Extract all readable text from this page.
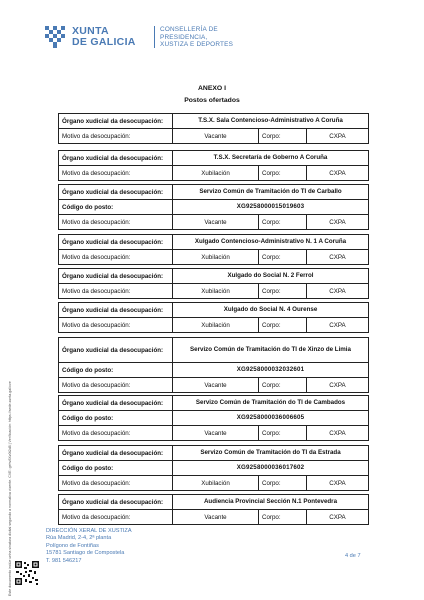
XUNTA
DE GALICIA
CONSELLERÍA DE
PRESIDENCIA,
XUSTIZA E DEPORTES
ANEXO I
Postos ofertados
Órgano xudicial da desocupación:	T.S.X. Sala Contencioso-Administrativo A Coruña
Motivo da desocupación:	Vacante	Corpo:	CXPA
Órgano xudicial da desocupación:	T.S.X. Secretaría de Goberno A Coruña
Motivo da desocupación:	Xubilación	Corpo:	CXPA
Órgano xudicial da desocupación:	Servizo Común de Tramitación do TI de Carballo
Código do posto:	XG9258000015019603
Motivo da desocupación:	Vacante	Corpo:	CXPA
Órgano xudicial da desocupación:	Xulgado Contencioso-Administrativo N. 1 A Coruña
Motivo da desocupación:	Xubilación	Corpo:	CXPA
Órgano xudicial da desocupación:	Xulgado do Social N. 2 Ferrol
Motivo da desocupación:	Xubilación	Corpo:	CXPA
Órgano xudicial da desocupación:	Xulgado do Social N. 4 Ourense
Motivo da desocupación:	Xubilación	Corpo:	CXPA
Órgano xudicial da desocupación:	Servizo Común de Tramitación do TI de Xinzo de Limia
Código do posto:	XG9258000032032601
Motivo da desocupación:	Vacante	Corpo:	CXPA
Órgano xudicial da desocupación:	Servizo Común de Tramitación do TI de Cambados
Código do posto:	XG9258000036006605
Motivo da desocupación:	Vacante	Corpo:	CXPA
Órgano xudicial da desocupación:	Servizo Común de Tramitación do TI da Estrada
Código do posto:	XG9258000036017602
Motivo da desocupación:	Xubilación	Corpo:	CXPA
Órgano xudicial da desocupación:	Audiencia Provincial Sección N.1 Pontevedra
Motivo da desocupación:	Vacante	Corpo:	CXPA
Este documento inclúe unha sinatura dixital segundo a normativa vixente. CVE: gehv8Xz0t2d8 | Verificación: https://sede.xunta.gal/cve	DIRECCIÓN XERAL DE XUSTIZA
Rúa Madrid, 2-4, 2ª planta
Polígono de Fontiñas
15781 Santiago de Compostela
T. 981 546217
4 de 7
